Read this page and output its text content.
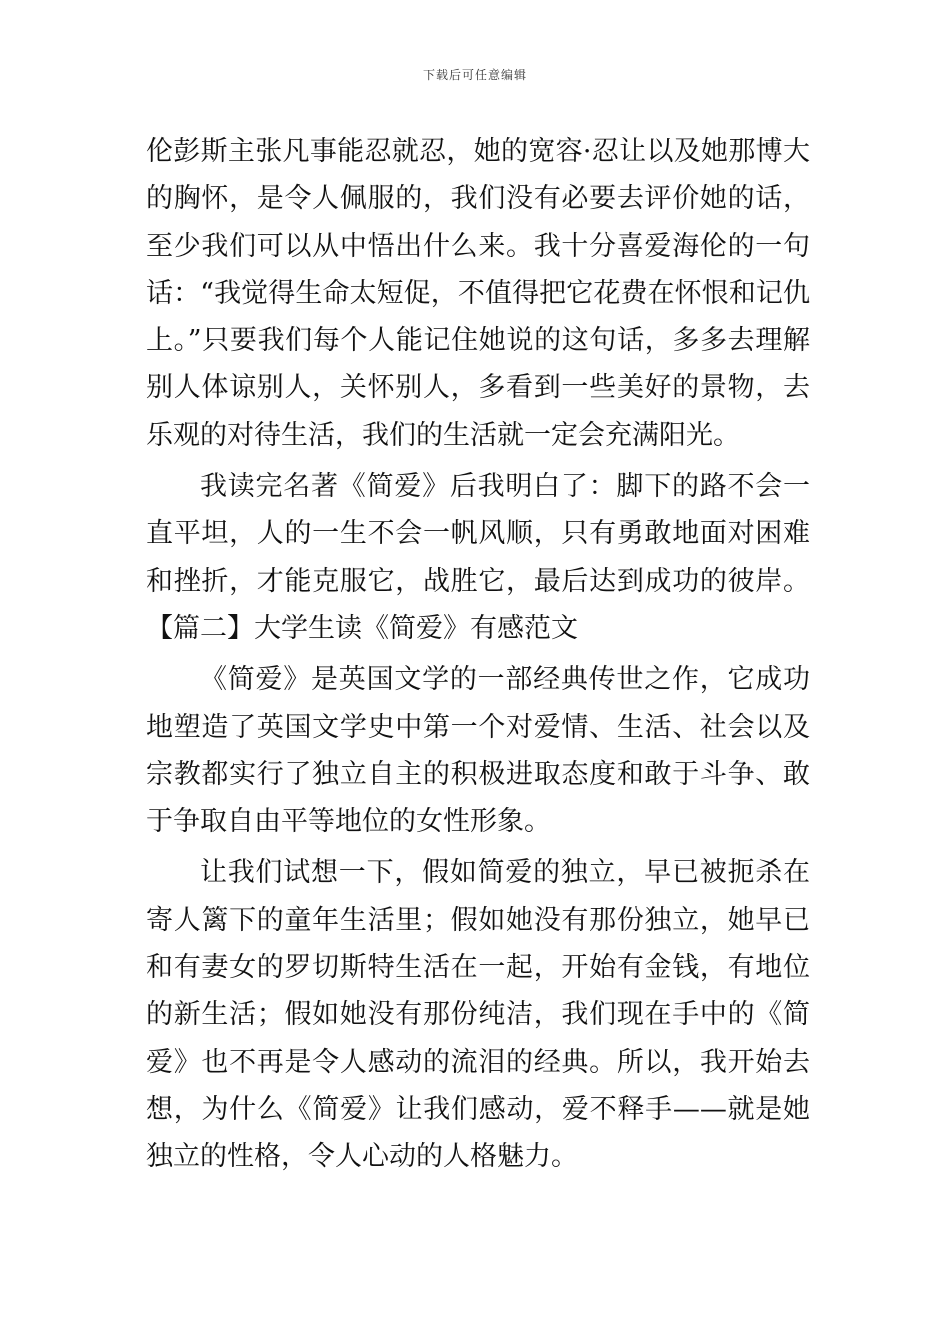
下载后可任意编辑

伦彭斯主张凡事能忍就忍，她的宽容·忍让以及她那博大的胸怀，是令人佩服的，我们没有必要去评价她的话，至少我们可以从中悟出什么来。我十分喜爱海伦的一句话：“我觉得生命太短促，不值得把它花费在怀恨和记仇上。”只要我们每个人能记住她说的这句话，多多去理解别人体谅别人，关怀别人，多看到一些美好的景物，去乐观的对待生活，我们的生活就一定会充满阳光。

我读完名著《简爱》后我明白了：脚下的路不会一直平坦，人的一生不会一帆风顺，只有勇敢地面对困难和挫折，才能克服它，战胜它，最后达到成功的彼岸。【篇二】大学生读《简爱》有感范文

《简爱》是英国文学的一部经典传世之作，它成功地塑造了英国文学史中第一个对爱情、生活、社会以及宗教都实行了独立自主的积极进取态度和敢于斗争、敢于争取自由平等地位的女性形象。

让我们试想一下，假如简爱的独立，早已被扼杀在寄人篱下的童年生活里；假如她没有那份独立，她早已和有妻女的罗切斯特生活在一起，开始有金钱，有地位的新生活；假如她没有那份纯洁，我们现在手中的《简爱》也不再是令人感动的流泪的经典。所以，我开始去想，为什么《简爱》让我们感动，爱不释手——就是她独立的性格，令人心动的人格魅力。
